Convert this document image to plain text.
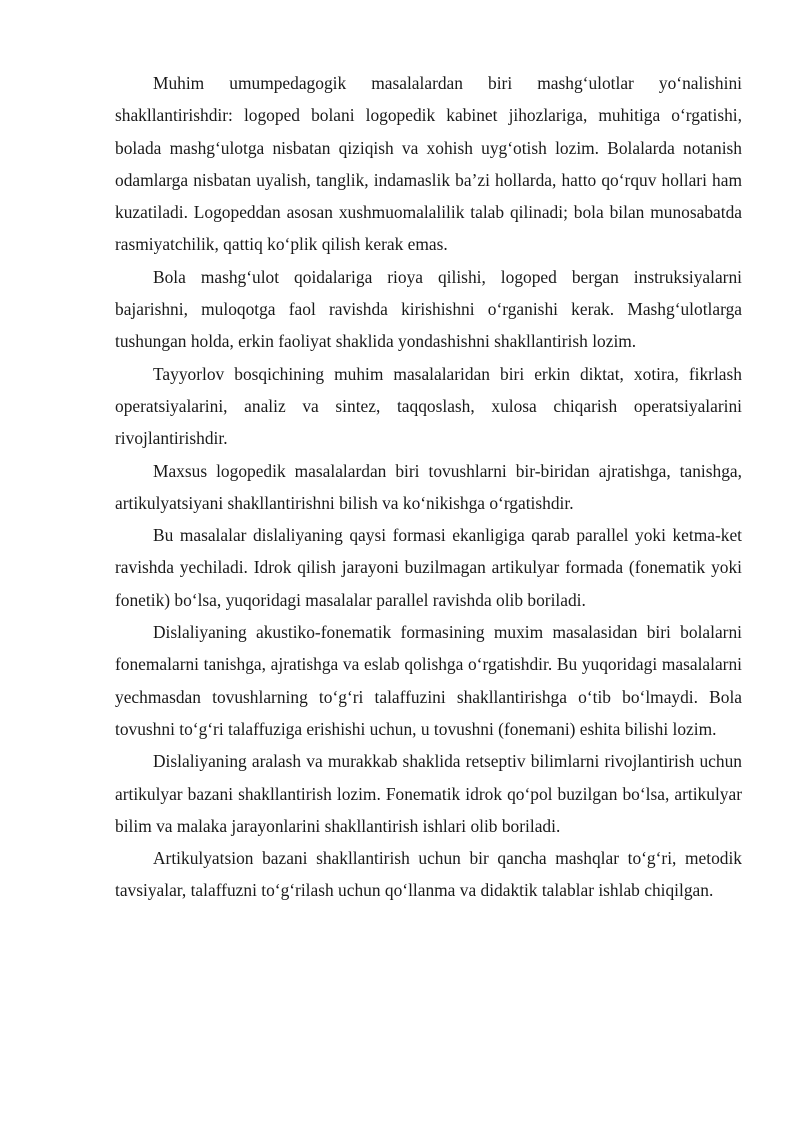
Muhim umumpedagogik masalalardan biri mashg‘ulotlar yo‘nalishini shakllantirishdir: logoped bolani logopedik kabinet jihozlariga, muhitiga o‘rgatishi, bolada mashg‘ulotga nisbatan qiziqish va xohish uyg‘otish lozim. Bolalarda notanish odamlarga nisbatan uyalish, tanglik, indamaslik ba’zi hollarda, hatto qo‘rquv hollari ham kuzatiladi. Logopeddan asosan xushmuomalalilik talab qilinadi; bola bilan munosabatda rasmiyatchilik, qattiq ko‘plik qilish kerak emas.

Bola mashg‘ulot qoidalariga rioya qilishi, logoped bergan instruksiyalarni bajarishni, muloqotga faol ravishda kirishishni o‘rganishi kerak. Mashg‘ulotlarga tushungan holda, erkin faoliyat shaklida yondashishni shakllantirish lozim.

Tayyorlov bosqichining muhim masalalaridan biri erkin diktat, xotira, fikrlash operatsiyalarini, analiz va sintez, taqqoslash, xulosa chiqarish operatsiyalarini rivojlantirishdir.

Maxsus logopedik masalalardan biri tovushlarni bir-biridan ajratishga, tanishga, artikulyatsiyani shakllantirishni bilish va ko‘nikishga o‘rgatishdir.

Bu masalalar dislaliyaning qaysi formasi ekanligiga qarab parallel yoki ketma-ket ravishda yechiladi. Idrok qilish jarayoni buzilmagan artikulyar formada (fonematik yoki fonetik) bo‘lsa, yuqoridagi masalalar parallel ravishda olib boriladi.

Dislaliyaning akustiko-fonematik formasining muxim masalasidan biri bolalarni fonemalarni tanishga, ajratishga va eslab qolishga o‘rgatishdir. Bu yuqoridagi masalalarni yechmasdan tovushlarning to‘g‘ri talaffuzini shakllantirishga o‘tib bo‘lmaydi. Bola tovushni to‘g‘ri talaffuziga erishishi uchun, u tovushni (fonemani) eshita bilishi lozim.

Dislaliyaning aralash va murakkab shaklida retseptiv bilimlarni rivojlantirish uchun artikulyar bazani shakllantirish lozim. Fonematik idrok qo‘pol buzilgan bo‘lsa, artikulyar bilim va malaka jarayonlarini shakllantirish ishlari olib boriladi.

Artikulyatsion bazani shakllantirish uchun bir qancha mashqlar to‘g‘ri, metodik tavsiyalar, talaffuzni to‘g‘rilash uchun qo‘llanma va didaktik talablar ishlab chiqilgan.
